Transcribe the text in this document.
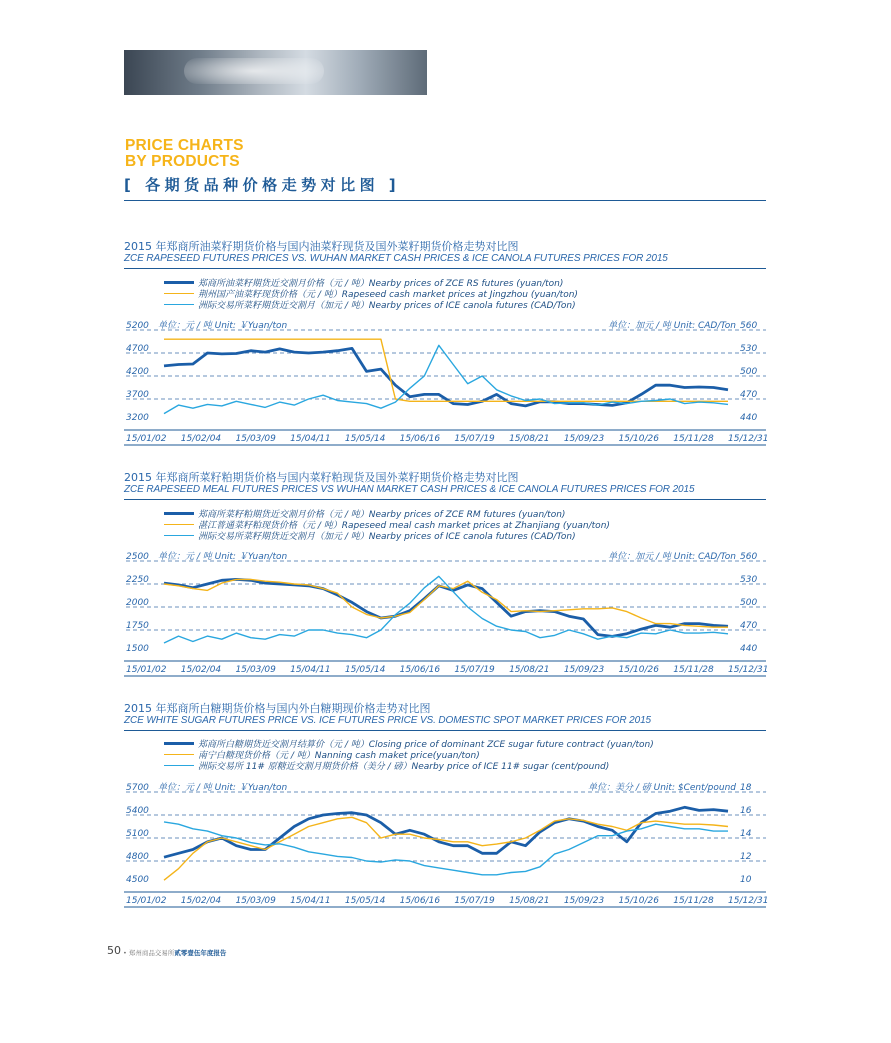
PRICE CHARTS

BY PRODUCTS

[ 各期货品种价格走势对比图 ]

2015 年郑商所油菜籽期货价格与国内油菜籽现货及国外菜籽期货价格走势对比图

ZCE RAPESEED FUTURES PRICES VS. WUHAN MARKET CASH PRICES & ICE CANOLA FUTURES PRICES FOR 2015

郑商所油菜籽期货近交割月价格（元 / 吨）Nearby prices of ZCE RS futures (yuan/ton)
荆州国产油菜籽现货价格（元 / 吨）Rapeseed cash market prices at Jingzhou (yuan/ton)
洲际交易所菜籽期货近交割月（加元 / 吨）Nearby prices of ICE canola futures (CAD/Ton)
3200	440
3700	470
4200	500
4700	530
5200	560
单位：元 / 吨 Unit: ￥Yuan/ton	单位：加元 / 吨 Unit: CAD/Ton
15/01/02 15/02/04 15/03/09 15/04/11 15/05/14 15/06/16 15/07/19 15/08/21 15/09/23 15/10/26 15/11/28 15/12/31

2015 年郑商所菜籽粕期货价格与国内菜籽粕现货及国外菜籽期货价格走势对比图

ZCE RAPESEED MEAL FUTURES PRICES VS WUHAN MARKET CASH PRICES & ICE CANOLA FUTURES PRICES FOR 2015

郑商所菜籽粕期货近交割月价格（元 / 吨）Nearby prices of ZCE RM futures (yuan/ton)
湛江普通菜籽粕现货价格（元 / 吨）Rapeseed meal cash market prices at Zhanjiang (yuan/ton)
洲际交易所菜籽期货近交割月（加元 / 吨）Nearby prices of ICE canola futures (CAD/Ton)
1500	440
1750	470
2000	500
2250	530
2500	560
单位：元 / 吨 Unit: ￥Yuan/ton	单位：加元 / 吨 Unit: CAD/Ton
15/01/02 15/02/04 15/03/09 15/04/11 15/05/14 15/06/16 15/07/19 15/08/21 15/09/23 15/10/26 15/11/28 15/12/31

2015 年郑商所白糖期货价格与国内外白糖期现价格走势对比图

ZCE WHITE SUGAR FUTURES PRICE VS. ICE FUTURES PRICE VS. DOMESTIC SPOT MARKET PRICES FOR 2015

郑商所白糖期货近交割月结算价（元 / 吨）Closing price of dominant ZCE sugar future contract (yuan/ton)
南宁白糖现货价格（元 / 吨）Nanning cash maket price(yuan/ton)
洲际交易所 11# 原糖近交割月期货价格（美分 / 磅）Nearby price of ICE 11# sugar (cent/pound)
4500	10
4800	12
5100	14
5400	16
5700	18
单位：元 / 吨 Unit: ￥Yuan/ton	单位：美分 / 磅 Unit: $Cent/pound
15/01/02 15/02/04 15/03/09 15/04/11 15/05/14 15/06/16 15/07/19 15/08/21 15/09/23 15/10/26 15/11/28 15/12/31

50 • 郑州商品交易所贰零壹伍年度报告
